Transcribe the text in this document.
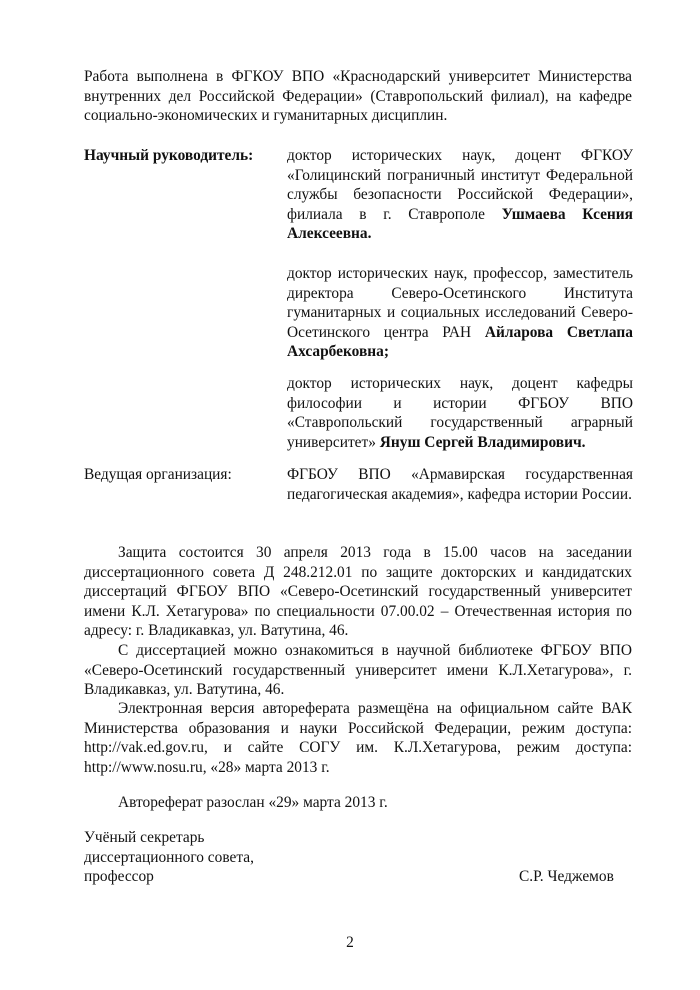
Работа выполнена в ФГКОУ ВПО «Краснодарский университет Министерства внутренних дел Российской Федерации» (Ставропольский филиал), на кафедре социально-экономических и гуманитарных дисциплин.

Научный руководитель: доктор исторических наук, доцент ФГКОУ «Голицинский пограничный институт Федеральной службы безопасности Российской Федерации», филиала в г. Ставрополе Ушмаева Ксения Алексеевна.

доктор исторических наук, профессор, заместитель директора Северо-Осетинского Института гуманитарных и социальных исследований Северо-Осетинского центра РАН Айларова Светлапа Ахсарбековна;

доктор исторических наук, доцент кафедры философии и истории ФГБОУ ВПО «Ставропольский государственный аграрный университет» Януш Сергей Владимирович.

Ведущая организация:	ФГБОУ ВПО «Армавирская государственная педагогическая академия», кафедра истории России.

Защита состоится 30 апреля 2013 года в 15.00 часов на заседании диссертационного совета Д 248.212.01 по защите докторских и кандидатских диссертаций ФГБОУ ВПО «Северо-Осетинский государственный университет имени К.Л. Хетагурова» по специальности 07.00.02 – Отечественная история по адресу: г. Владикавказ, ул. Ватутина, 46.

С диссертацией можно ознакомиться в научной библиотеке ФГБОУ ВПО «Северо-Осетинский государственный университет имени К.Л.Хетагурова», г. Владикавказ, ул. Ватутина, 46.

Электронная версия автореферата размещёна на официальном сайте ВАК Министерства образования и науки Российской Федерации, режим доступа: http://vak.ed.gov.ru, и сайте СОГУ им. К.Л.Хетагурова, режим доступа: http://www.nosu.ru, «28» марта 2013 г.

Автореферат разослан «29» марта 2013 г.

Учёный секретарь
диссертационного совета,
профессор	С.Р. Чеджемов
2
